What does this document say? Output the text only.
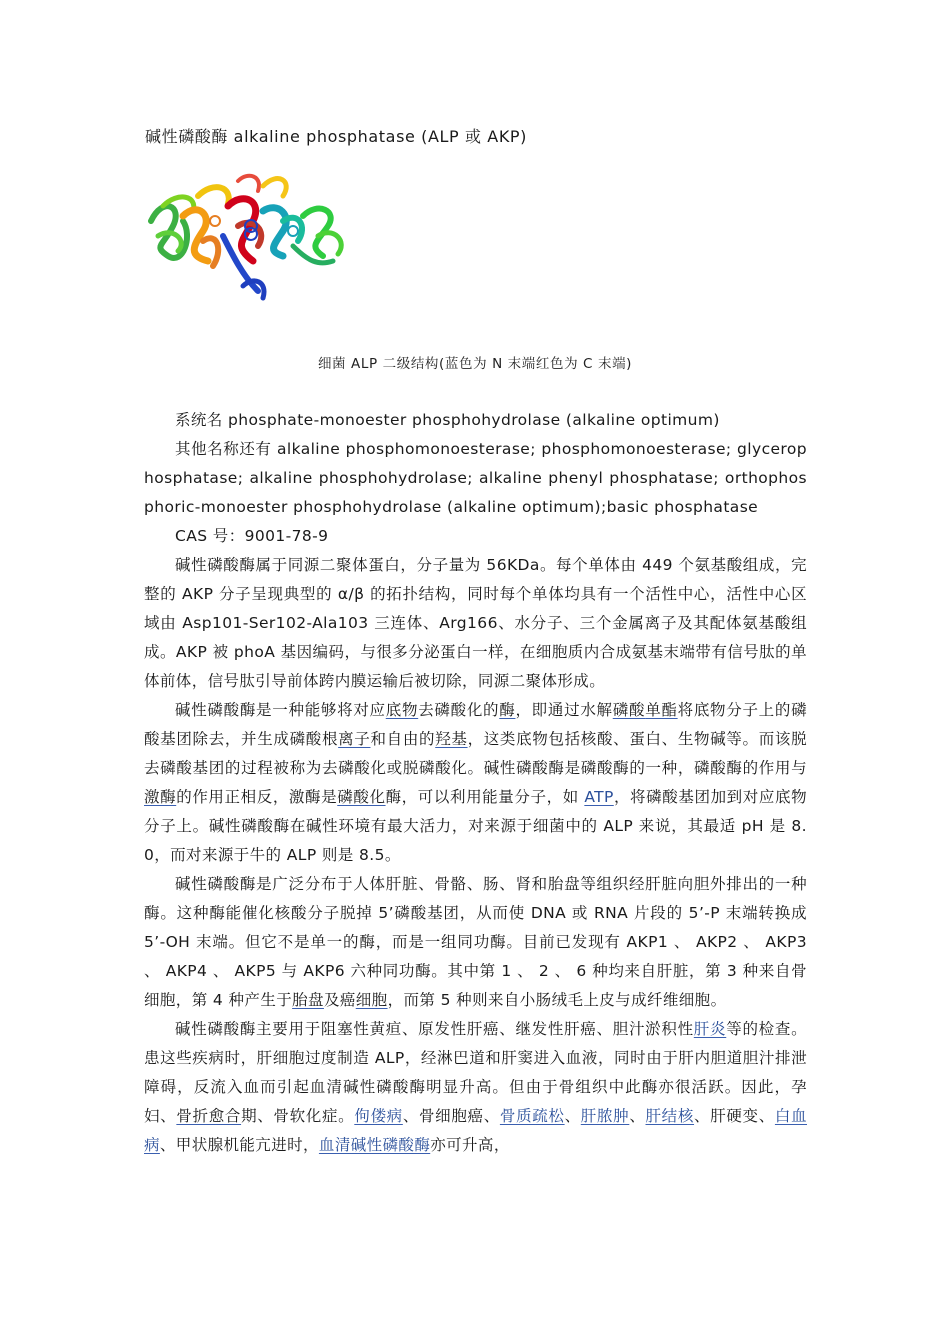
碱性磷酸酶 alkaline phosphatase (ALP 或 AKP)
细菌 ALP 二级结构(蓝色为 N 末端红色为 C 末端)

系统名 phosphate-monoester phosphohydrolase (alkaline optimum)

其他名称还有 alkaline phosphomonoesterase; phosphomonoesterase; glycerophosphatase; alkaline phosphohydrolase; alkaline phenyl phosphatase; orthophosphoric-monoester phosphohydrolase (alkaline optimum);basic phosphatase

CAS 号：9001-78-9

碱性磷酸酶属于同源二聚体蛋白，分子量为 56KDa。每个单体由 449 个氨基酸组成，完整的 AKP 分子呈现典型的 α/β 的拓扑结构，同时每个单体均具有一个活性中心，活性中心区域由 Asp101-Ser102-Ala103 三连体、Arg166、水分子、三个金属离子及其配体氨基酸组成。AKP 被 phoA 基因编码，与很多分泌蛋白一样，在细胞质内合成氨基末端带有信号肽的单体前体，信号肽引导前体跨内膜运输后被切除，同源二聚体形成。

碱性磷酸酶是一种能够将对应底物去磷酸化的酶，即通过水解磷酸单酯将底物分子上的磷酸基团除去，并生成磷酸根离子和自由的羟基，这类底物包括核酸、蛋白、生物碱等。而该脱去磷酸基团的过程被称为去磷酸化或脱磷酸化。碱性磷酸酶是磷酸酶的一种，磷酸酶的作用与激酶的作用正相反，激酶是磷酸化酶，可以利用能量分子，如 ATP，将磷酸基团加到对应底物分子上。碱性磷酸酶在碱性环境有最大活力，对来源于细菌中的 ALP 来说，其最适 pH 是 8.0，而对来源于牛的 ALP 则是 8.5。

碱性磷酸酶是广泛分布于人体肝脏、骨骼、肠、肾和胎盘等组织经肝脏向胆外排出的一种酶。这种酶能催化核酸分子脱掉 5’磷酸基团，从而使 DNA 或 RNA 片段的 5’-P 末端转换成 5’-OH 末端。但它不是单一的酶，而是一组同功酶。目前已发现有 AKP1 、 AKP2 、 AKP3 、 AKP4 、 AKP5 与 AKP6 六种同功酶。其中第 1 、 2 、 6 种均来自肝脏，第 3 种来自骨细胞，第 4 种产生于胎盘及癌细胞，而第 5 种则来自小肠绒毛上皮与成纤维细胞。

碱性磷酸酶主要用于阻塞性黄疸、原发性肝癌、继发性肝癌、胆汁淤积性肝炎等的检查。患这些疾病时，肝细胞过度制造 ALP，经淋巴道和肝窦进入血液，同时由于肝内胆道胆汁排泄障碍，反流入血而引起血清碱性磷酸酶明显升高。但由于骨组织中此酶亦很活跃。因此，孕妇、骨折愈合期、骨软化症。佝偻病、骨细胞癌、骨质疏松、肝脓肿、肝结核、肝硬变、白血病、甲状腺机能亢进时，血清碱性磷酸酶亦可升高，
